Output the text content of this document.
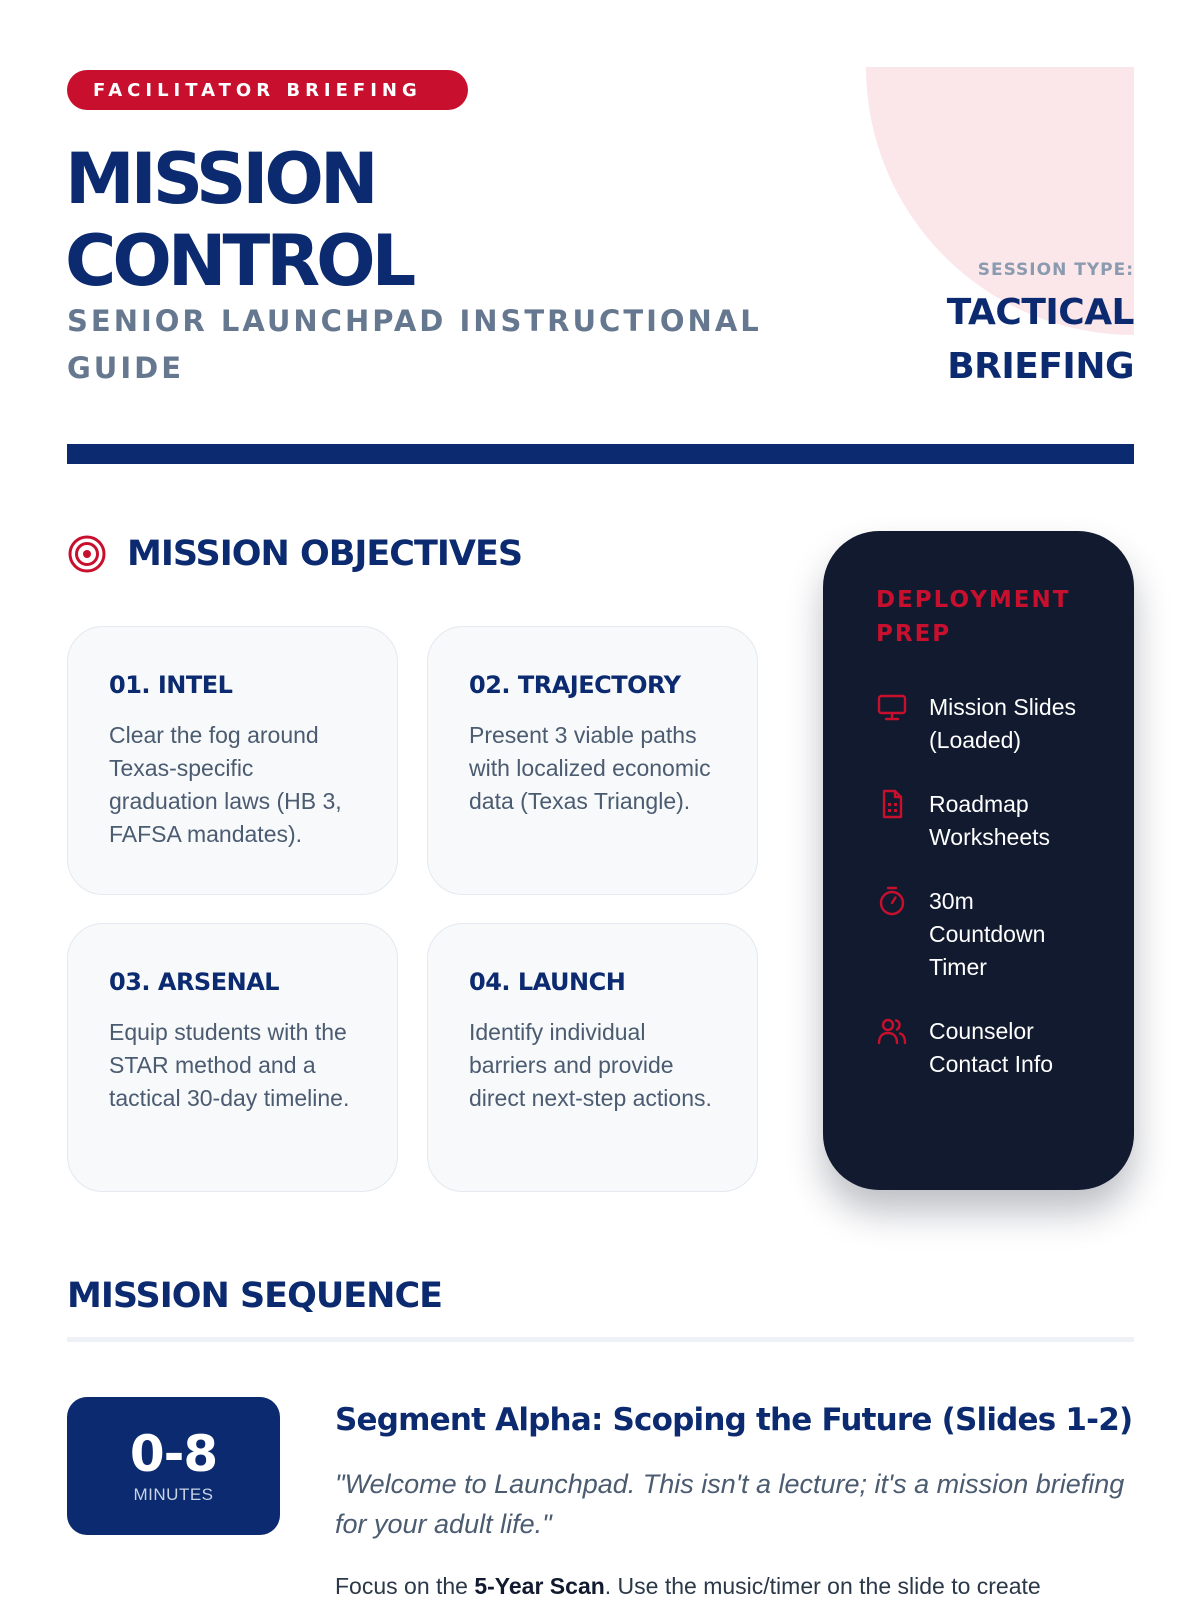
FACILITATOR BRIEFING
MISSION
CONTROL
SENIOR LAUNCHPAD INSTRUCTIONAL GUIDE
SESSION TYPE:
TACTICAL BRIEFING
MISSION OBJECTIVES
01. INTEL

Clear the fog around Texas-specific graduation laws (HB 3, FAFSA mandates).

02. TRAJECTORY

Present 3 viable paths with localized economic data (Texas Triangle).

03. ARSENAL

Equip students with the STAR method and a tactical 30-day timeline.

04. LAUNCH

Identify individual barriers and provide direct next-step actions.

DEPLOYMENT PREP
Mission Slides (Loaded)
Roadmap Worksheets
30m Countdown Timer
Counselor Contact Info
MISSION SEQUENCE
0-8
MINUTES
Segment Alpha: Scoping the Future (Slides 1-2)

"Welcome to Launchpad. This isn't a lecture; it's a mission briefing for your adult life."

Focus on the 5-Year Scan. Use the music/timer on the slide to create
